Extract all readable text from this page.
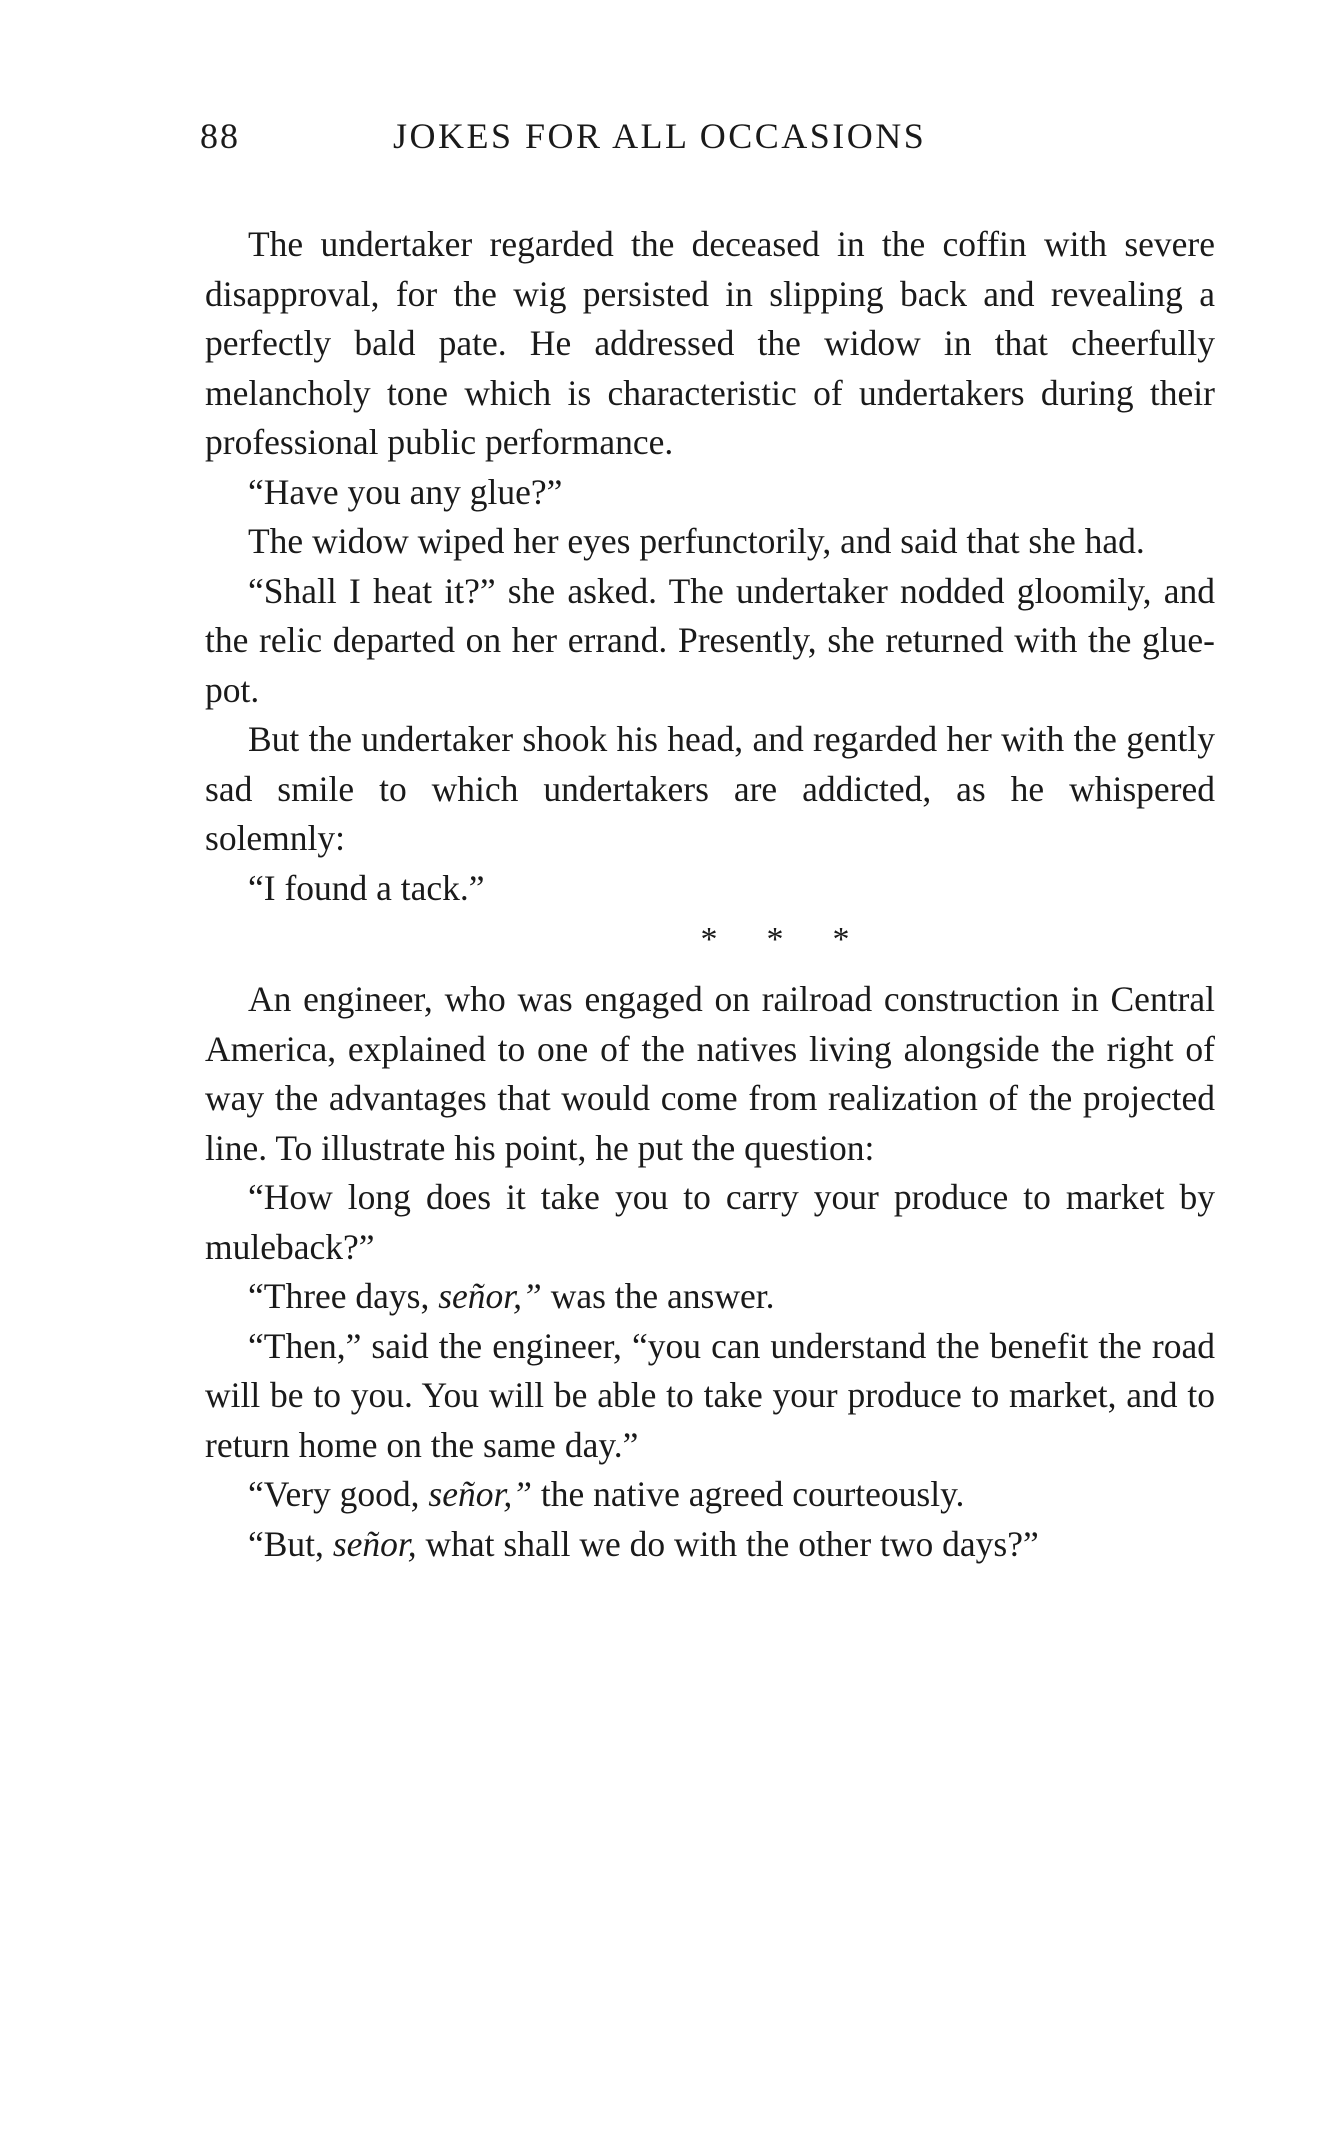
88	JOKES FOR ALL OCCASIONS

The undertaker regarded the deceased in the coffin with severe disapproval, for the wig persisted in slipping back and revealing a perfectly bald pate. He addressed the widow in that cheerfully melancholy tone which is characteristic of undertakers during their professional public performance.

“Have you any glue?”

The widow wiped her eyes perfunctorily, and said that she had.

“Shall I heat it?” she asked. The undertaker nodded gloomily, and the relic departed on her errand. Presently, she returned with the glue-pot.

But the undertaker shook his head, and regarded her with the gently sad smile to which undertakers are addicted, as he whispered solemnly:

“I found a tack.”

* * *

An engineer, who was engaged on railroad construction in Central America, explained to one of the natives living alongside the right of way the advantages that would come from realization of the projected line. To illustrate his point, he put the question:

“How long does it take you to carry your produce to market by muleback?”

“Three days, señor,” was the answer.

“Then,” said the engineer, “you can understand the benefit the road will be to you. You will be able to take your produce to market, and to return home on the same day.”

“Very good, señor,” the native agreed courteously.

“But, señor, what shall we do with the other two days?”
